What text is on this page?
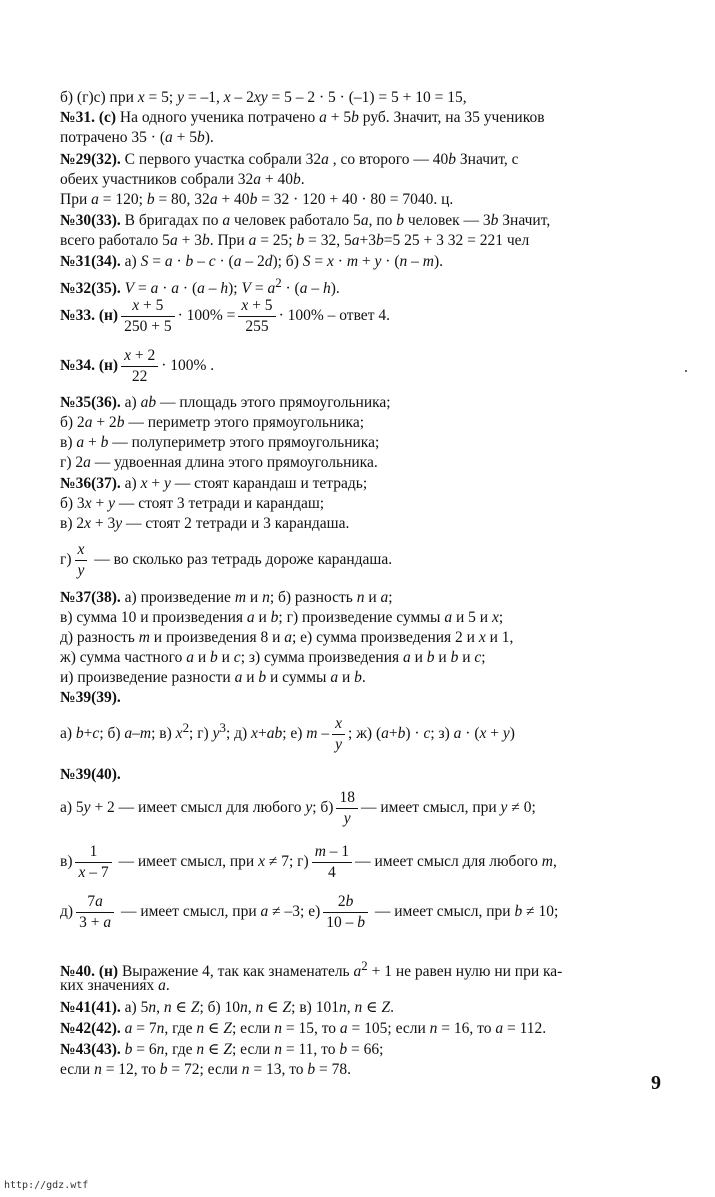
б) (г)с) при x = 5; y = –1, x – 2xy = 5 – 2 · 5 · (–1) = 5 + 10 = 15,
№31. (с) На одного ученика потрачено a + 5b руб. Значит, на 35 учеников
потрачено 35 · (a + 5b).
№29(32). С первого участка собрали 32a , со второго — 40b Значит, с
обеих участников собрали 32a + 40b.
При a = 120; b = 80, 32a + 40b = 32 · 120 + 40 · 80 = 7040. ц.
№30(33). В бригадах по a человек работало 5a, по b человек — 3b Значит,
всего работало 5a + 3b. При a = 25; b = 32, 5a+3b=5 25 + 3 32 = 221 чел
№31(34). а) S = a · b – c · (a – 2d); б) S = x · m + y · (n – m).
№32(35). V = a · a · (a – h); $V = a^2 \cdot (a - h)$.
№35(36). а) ab — площадь этого прямоугольника;
б) 2a + 2b — периметр этого прямоугольника;
в) a + b — полупериметр этого прямоугольника;
г) 2a — удвоенная длина этого прямоугольника.
№36(37). а) x + y — стоят карандаш и тетрадь;
б) 3x + y — стоят 3 тетради и карандаш;
в) 2x + 3y — стоят 2 тетради и 3 карандаша.
№37(38). а) произведение m и n; б) разность n и a;
в) сумма 10 и произведения a и b; г) произведение суммы a и 5 и x;
д) разность m и произведения 8 и a; е) сумма произведения 2 и x и 1,
ж) сумма частного a и b и c; з) сумма произведения a и b и b и c;
и) произведение разности a и b и суммы a и b.
№39(39).
№39(40).
№40. (н) Выражение 4, так как знаменатель $a^2 + 1$ не равен нулю ни при ка-
ких значениях a.
№41(41). а) 5n, n ∈ Z; б) 10n, n ∈ Z; в) 101n, n ∈ Z.
№42(42). a = 7n, где n ∈ Z; если n = 15, то a = 105; если n = 16, то a = 112.
№43(43). b = 6n, где n ∈ Z; если n = 11, то b = 66;
если n = 12, то b = 72; если n = 13, то b = 78.
№33. $(н) \frac{x + 5}{250 + 5} \cdot 100\% = \frac{x + 5}{255} \cdot 100\%$ – ответ 4.
№34. $(н) \frac{x + 2}{22} \cdot 100\%$ .
$г) \frac{x}{y}$ — во сколько раз тетрадь дороже карандаша.
а) b+c; б) a–m; в) $x^2$; г) $y^3$; д) x+ab; е) m – $\frac{x}{y}$ ; ж) (a+b) · c; з) a · (x + y)
а) 5y + 2 — имеет смысл для любого y; $б) \frac{18}{y}$ — имеет смысл, при y ≠ 0;
$в) \frac{1}{x - 7}$ — имеет смысл, при x ≠ 7; $г) \frac{m - 1}{4}$ — имеет смысл для любого m,
$д) \frac{7a}{3 + a}$ — имеет смысл, при a ≠ –3; $е) \frac{2b}{10 - b}$ — имеет смысл, при b ≠ 10;
9
http://gdz.wtf
